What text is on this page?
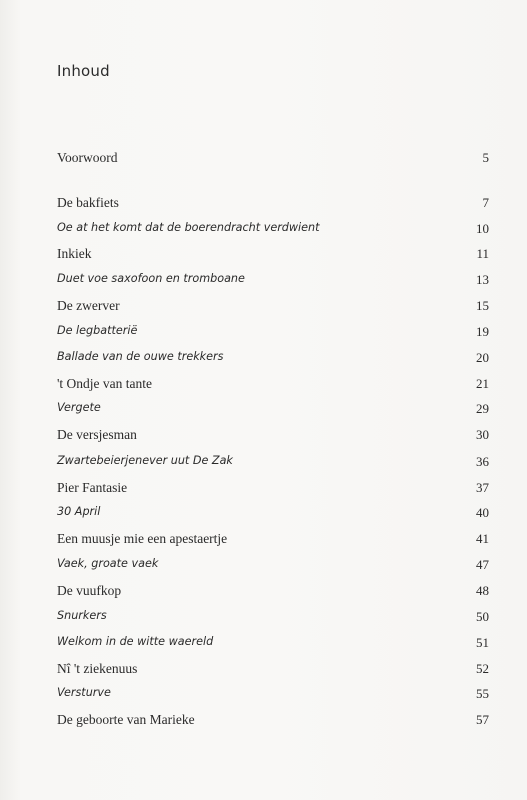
Inhoud
Voorwoord	5
De bakfiets	7
Oe at het komt dat de boerendracht verdwient	10
Inkiek	11
Duet voe saxofoon en tromboane	13
De zwerver	15
De legbatterië	19
Ballade van de ouwe trekkers	20
't Ondje van tante	21
Vergete	29
De versjesman	30
Zwartebeierjenever uut De Zak	36
Pier Fantasie	37
30 April	40
Een muusje mie een apestaertje	41
Vaek, groate vaek	47
De vuufkop	48
Snurkers	50
Welkom in de witte waereld	51
Nî 't ziekenuus	52
Versturve	55
De geboorte van Marieke	57
